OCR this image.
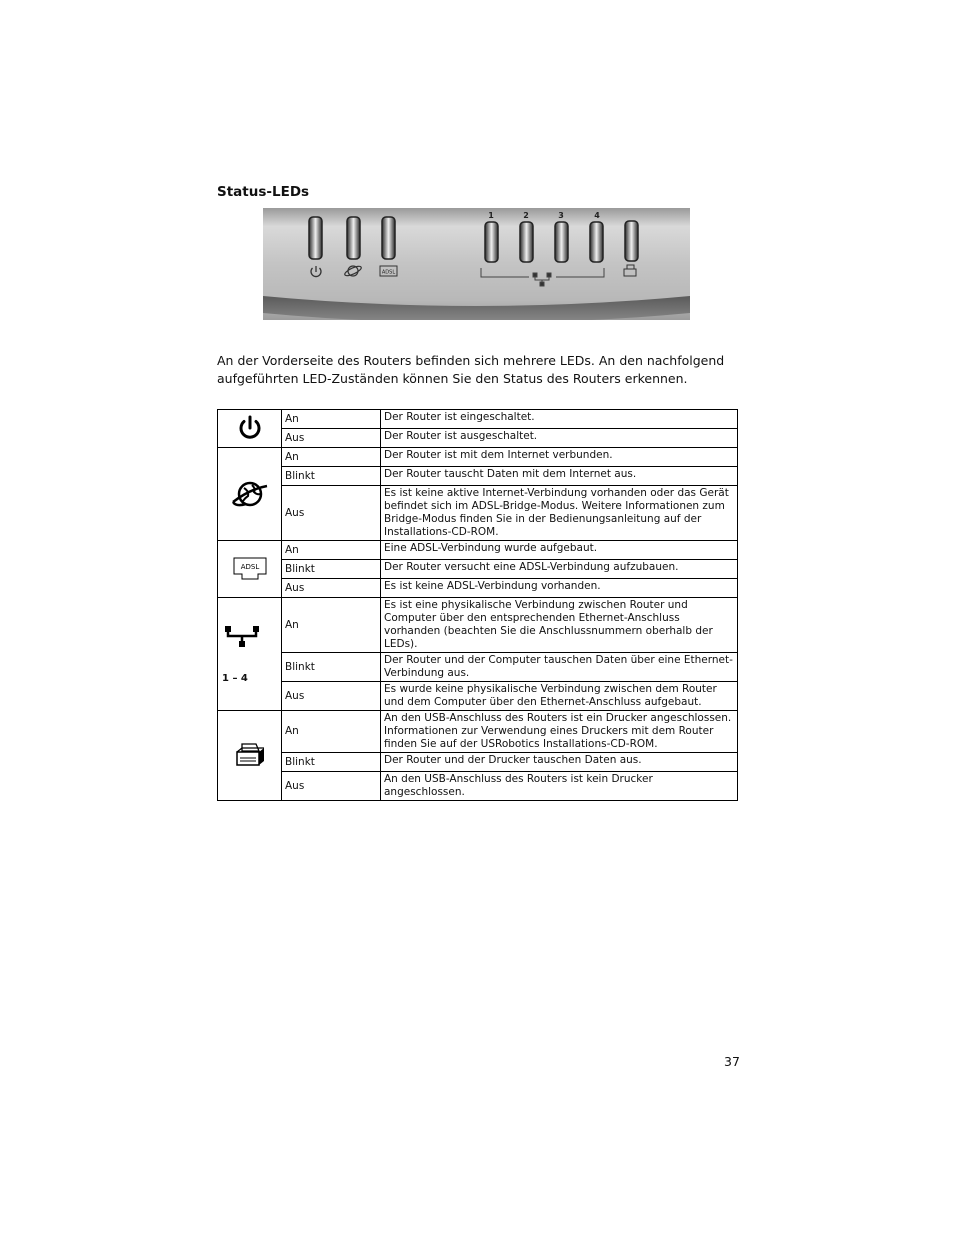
Status-LEDs
1	2	3	4
ADSL
An der Vorderseite des Routers befinden sich mehrere LEDs. An den nachfolgend aufgeführten LED-Zuständen können Sie den Status des Routers erkennen.
	An	Der Router ist eingeschaltet.
	Aus	Der Router ist ausgeschaltet.

	An	Der Router ist mit dem Internet verbunden.
	Blinkt	Der Router tauscht Daten mit dem Internet aus.
	Aus	Es ist keine aktive Internet-Verbindung vorhanden oder das Gerät befindet sich im ADSL-Bridge-Modus. Weitere Informationen zum Bridge-Modus finden Sie in der Bedienungsanleitung auf der Installations-CD-ROM.

ADSL	An	Eine ADSL-Verbindung wurde aufgebaut.
	Blinkt	Der Router versucht eine ADSL-Verbindung aufzubauen.
	Aus	Es ist keine ADSL-Verbindung vorhanden.

1 – 4	An	Es ist eine physikalische Verbindung zwischen Router und Computer über den entsprechenden Ethernet-Anschluss vorhanden (beachten Sie die Anschlussnummern oberhalb der LEDs).
	Blinkt	Der Router und der Computer tauschen Daten über eine Ethernet-Verbindung aus.
	Aus	Es wurde keine physikalische Verbindung zwischen dem Router und dem Computer über den Ethernet-Anschluss aufgebaut.

	An	An den USB-Anschluss des Routers ist ein Drucker angeschlossen. Informationen zur Verwendung eines Druckers mit dem Router finden Sie auf der USRobotics Installations-CD-ROM.
	Blinkt	Der Router und der Drucker tauschen Daten aus.
	Aus	An den USB-Anschluss des Routers ist kein Drucker angeschlossen.
37
